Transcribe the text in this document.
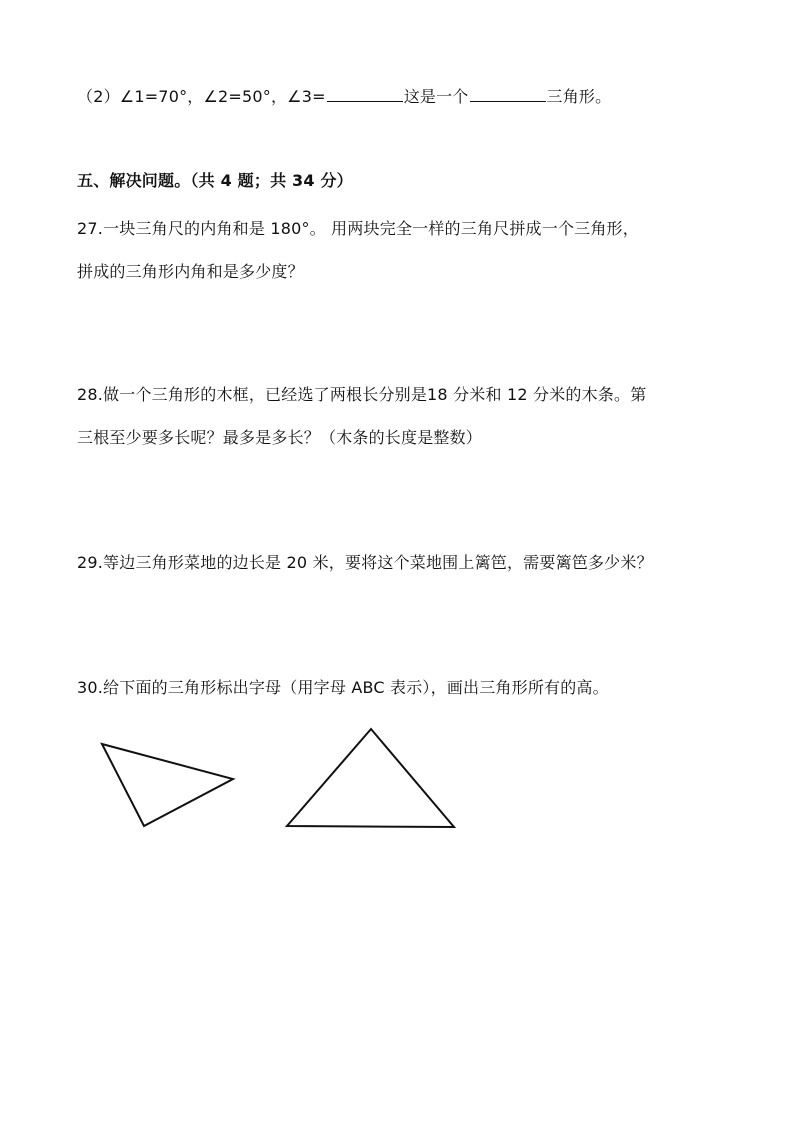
（2）∠1=70°，∠2=50°，∠3=	这是一个	三角形。
五、解决问题。（共 4 题；共 34 分）
27.一块三角尺的内角和是 180°。 用两块完全一样的三角尺拼成一个三角形，
拼成的三角形内角和是多少度？
28.做一个三角形的木框，已经选了两根长分别是18 分米和 12 分米的木条。第
三根至少要多长呢？最多是多长？（木条的长度是整数）
29.等边三角形菜地的边长是 20 米，要将这个菜地围上篱笆，需要篱笆多少米？
30.给下面的三角形标出字母（用字母 ABC 表示），画出三角形所有的高。
